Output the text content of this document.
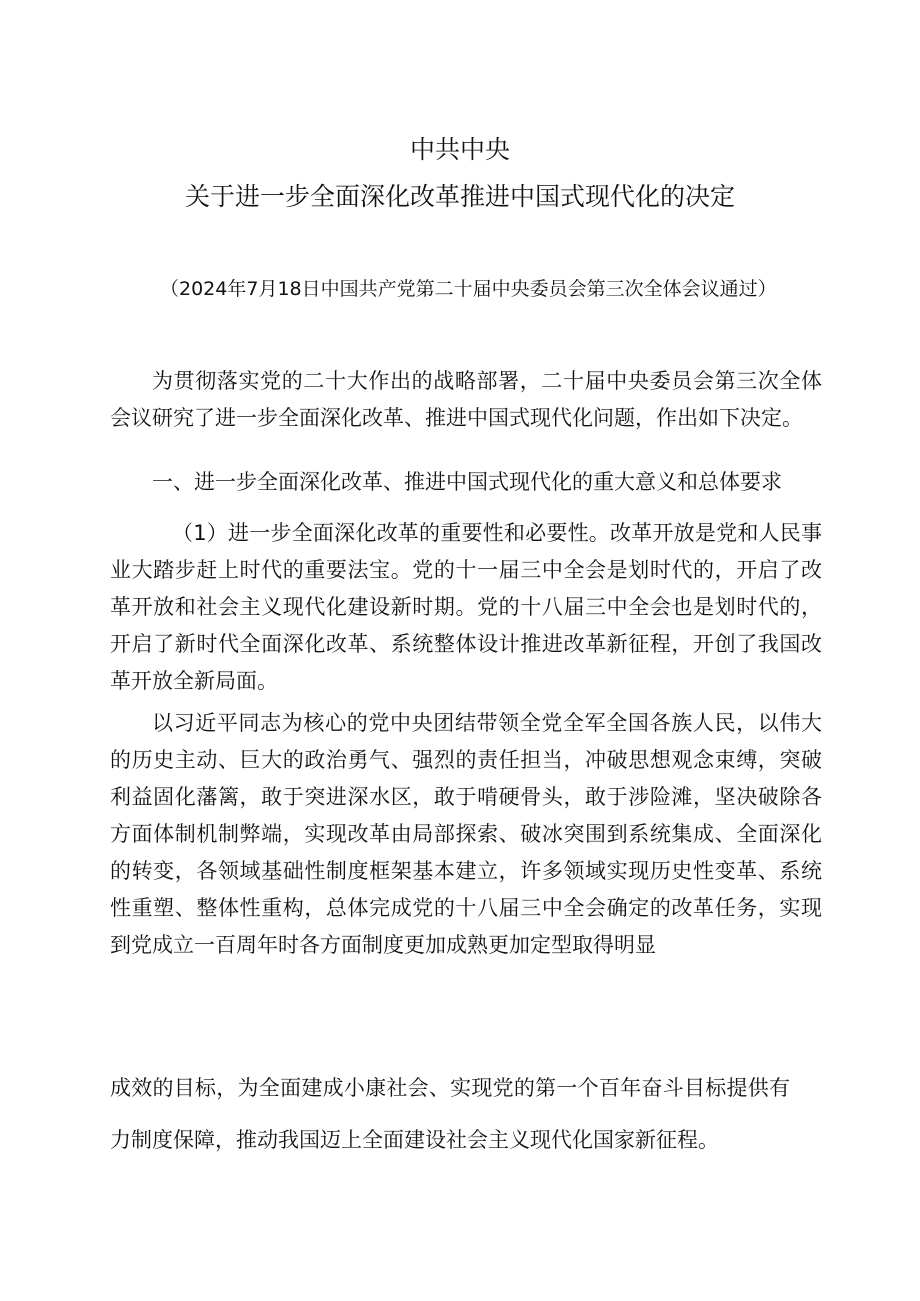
中共中央
关于进一步全面深化改革推进中国式现代化的决定
（2024年7月18日中国共产党第二十届中央委员会第三次全体会议通过）

为贯彻落实党的二十大作出的战略部署，二十届中央委员会第三次全体会议研究了进一步全面深化改革、推进中国式现代化问题，作出如下决定。

一、进一步全面深化改革、推进中国式现代化的重大意义和总体要求

（1）进一步全面深化改革的重要性和必要性。改革开放是党和人民事业大踏步赶上时代的重要法宝。党的十一届三中全会是划时代的，开启了改革开放和社会主义现代化建设新时期。党的十八届三中全会也是划时代的，开启了新时代全面深化改革、系统整体设计推进改革新征程，开创了我国改革开放全新局面。

以习近平同志为核心的党中央团结带领全党全军全国各族人民，以伟大的历史主动、巨大的政治勇气、强烈的责任担当，冲破思想观念束缚，突破利益固化藩篱，敢于突进深水区，敢于啃硬骨头，敢于涉险滩，坚决破除各方面体制机制弊端，实现改革由局部探索、破冰突围到系统集成、全面深化的转变，各领域基础性制度框架基本建立，许多领域实现历史性变革、系统性重塑、整体性重构，总体完成党的十八届三中全会确定的改革任务，实现到党成立一百周年时各方面制度更加成熟更加定型取得明显

成效的目标，为全面建成小康社会、实现党的第一个百年奋斗目标提供有力制度保障，推动我国迈上全面建设社会主义现代化国家新征程。
